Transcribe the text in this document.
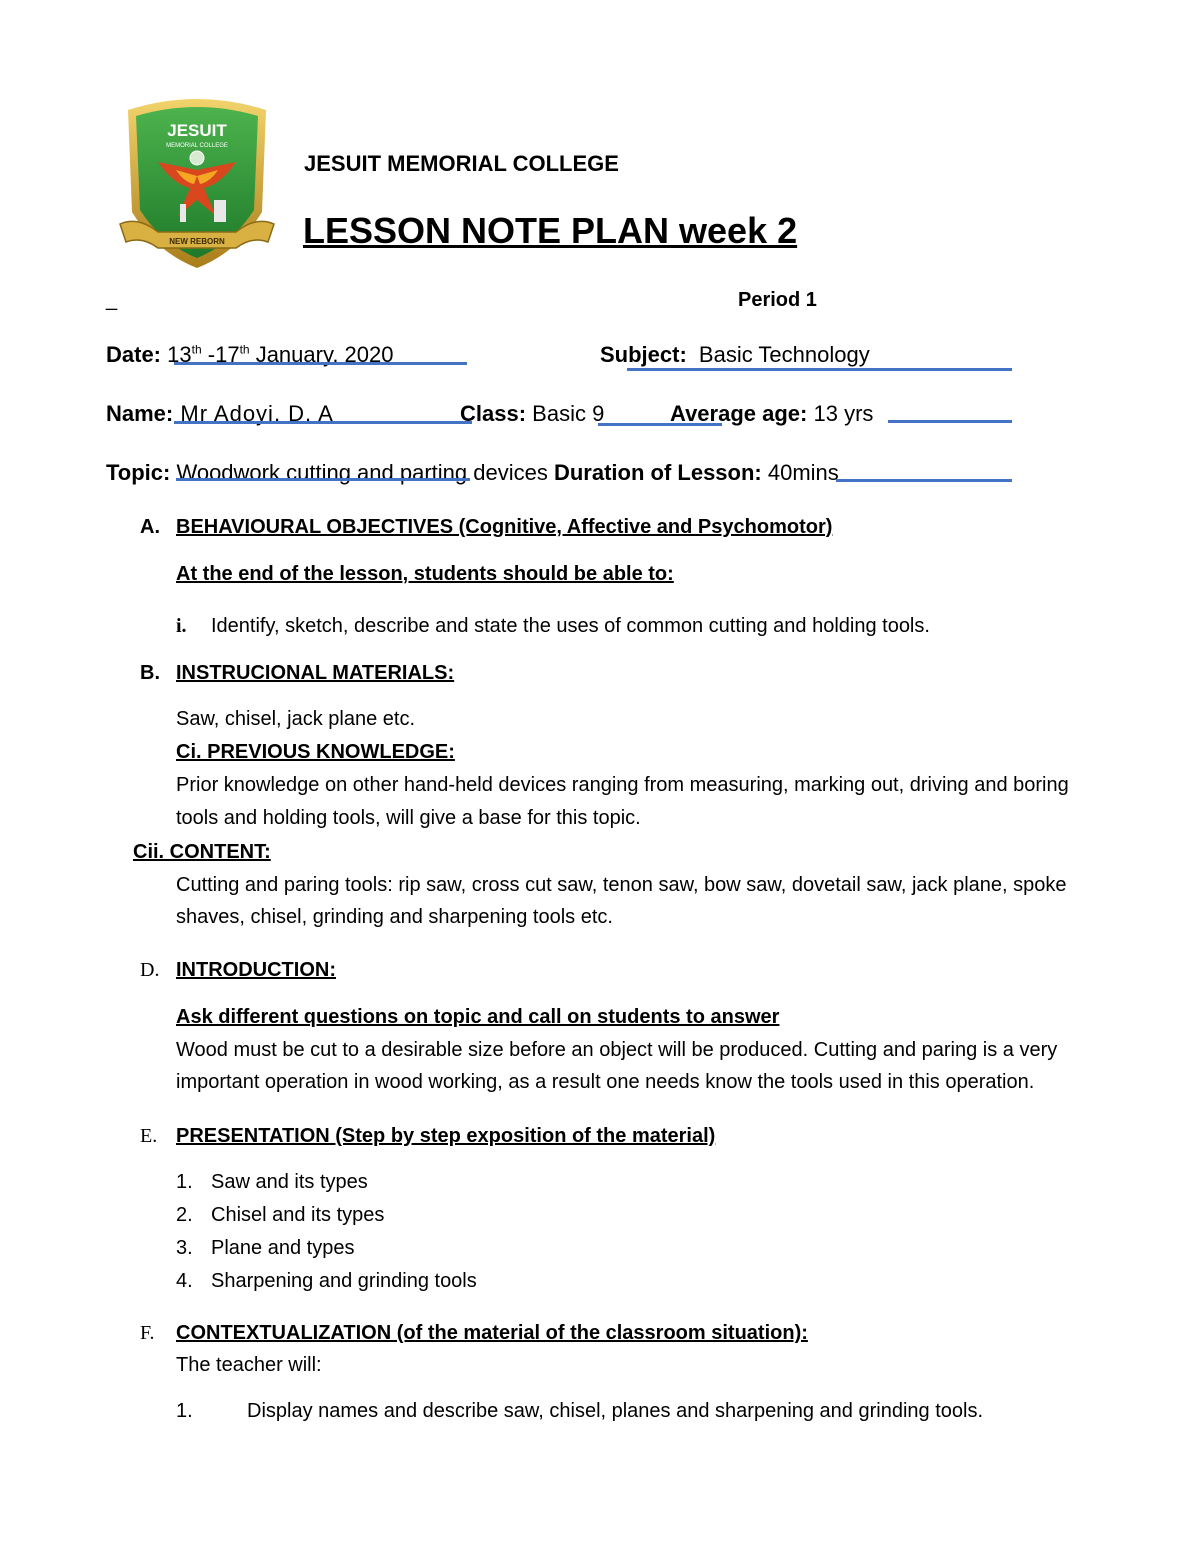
JESUIT
MEMORIAL COLLEGE
NEW REBORN
JESUIT MEMORIAL COLLEGE
LESSON NOTE PLAN week 2
_	Period 1
Date: 13th -17th January, 2020	Subject: Basic Technology
Name: Mr Adoyi, D. A	Class: Basic 9	Average age: 13 yrs
Topic: Woodwork cutting and parting devices Duration of Lesson: 40mins
A. BEHAVIOURAL OBJECTIVES (Cognitive, Affective and Psychomotor)
At the end of the lesson, students should be able to:
i. Identify, sketch, describe and state the uses of common cutting and holding tools.
B. INSTRUCIONAL MATERIALS:
Saw, chisel, jack plane etc.
Ci. PREVIOUS KNOWLEDGE:
Prior knowledge on other hand-held devices ranging from measuring, marking out, driving and boring
tools and holding tools, will give a base for this topic.
Cii. CONTENT:
Cutting and paring tools: rip saw, cross cut saw, tenon saw, bow saw, dovetail saw, jack plane, spoke
shaves, chisel, grinding and sharpening tools etc.
D. INTRODUCTION:
Ask different questions on topic and call on students to answer
Wood must be cut to a desirable size before an object will be produced. Cutting and paring is a very
important operation in wood working, as a result one needs know the tools used in this operation.
E. PRESENTATION (Step by step exposition of the material)
1. Saw and its types
2. Chisel and its types
3. Plane and types
4. Sharpening and grinding tools
F. CONTEXTUALIZATION (of the material of the classroom situation):
The teacher will:
1.	Display names and describe saw, chisel, planes and sharpening and grinding tools.
